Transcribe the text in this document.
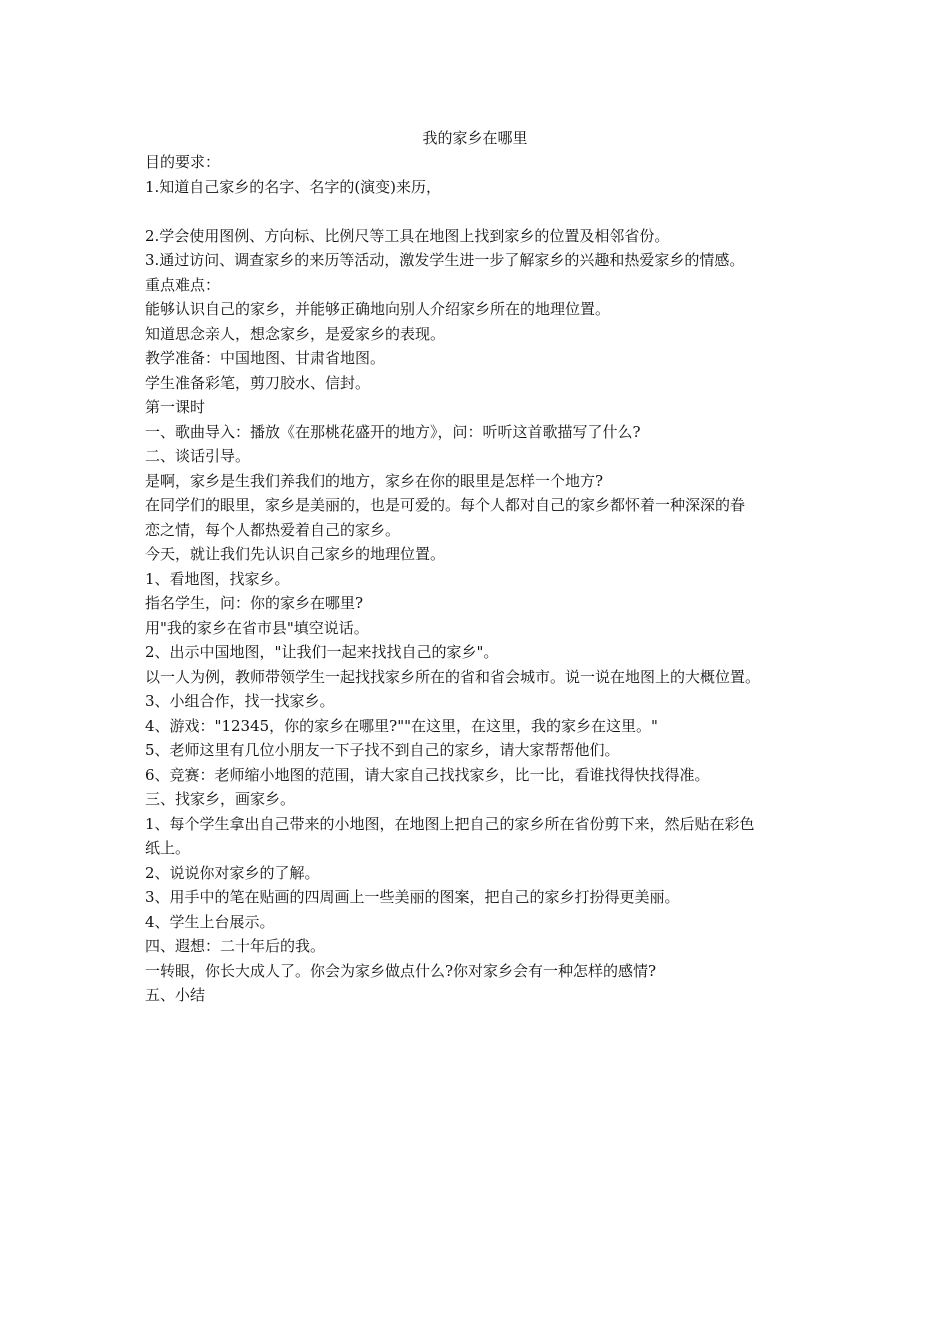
我的家乡在哪里

目的要求：

1.知道自己家乡的名字、名字的(演变)来历，

2.学会使用图例、方向标、比例尺等工具在地图上找到家乡的位置及相邻省份。

3.通过访问、调查家乡的来历等活动，激发学生进一步了解家乡的兴趣和热爱家乡的情感。

重点难点：

能够认识自己的家乡，并能够正确地向别人介绍家乡所在的地理位置。

知道思念亲人，想念家乡，是爱家乡的表现。

教学准备：中国地图、甘肃省地图。

学生准备彩笔，剪刀胶水、信封。

第一课时

一、歌曲导入：播放《在那桃花盛开的地方》，问：听听这首歌描写了什么?

二、谈话引导。

是啊，家乡是生我们养我们的地方，家乡在你的眼里是怎样一个地方?

在同学们的眼里，家乡是美丽的，也是可爱的。每个人都对自己的家乡都怀着一种深深的眷

恋之情，每个人都热爱着自己的家乡。

今天，就让我们先认识自己家乡的地理位置。

1、看地图，找家乡。

指名学生，问：你的家乡在哪里?

用"我的家乡在省市县"填空说话。

2、出示中国地图，"让我们一起来找找自己的家乡"。

以一人为例，教师带领学生一起找找家乡所在的省和省会城市。说一说在地图上的大概位置。

3、小组合作，找一找家乡。

4、游戏："12345，你的家乡在哪里?""在这里，在这里，我的家乡在这里。"

5、老师这里有几位小朋友一下子找不到自己的家乡，请大家帮帮他们。

6、竞赛：老师缩小地图的范围，请大家自己找找家乡，比一比，看谁找得快找得准。

三、找家乡，画家乡。

1、每个学生拿出自己带来的小地图，在地图上把自己的家乡所在省份剪下来，然后贴在彩色

纸上。

2、说说你对家乡的了解。

3、用手中的笔在贴画的四周画上一些美丽的图案，把自己的家乡打扮得更美丽。

4、学生上台展示。

四、遐想：二十年后的我。

一转眼，你长大成人了。你会为家乡做点什么?你对家乡会有一种怎样的感情?

五、小结
